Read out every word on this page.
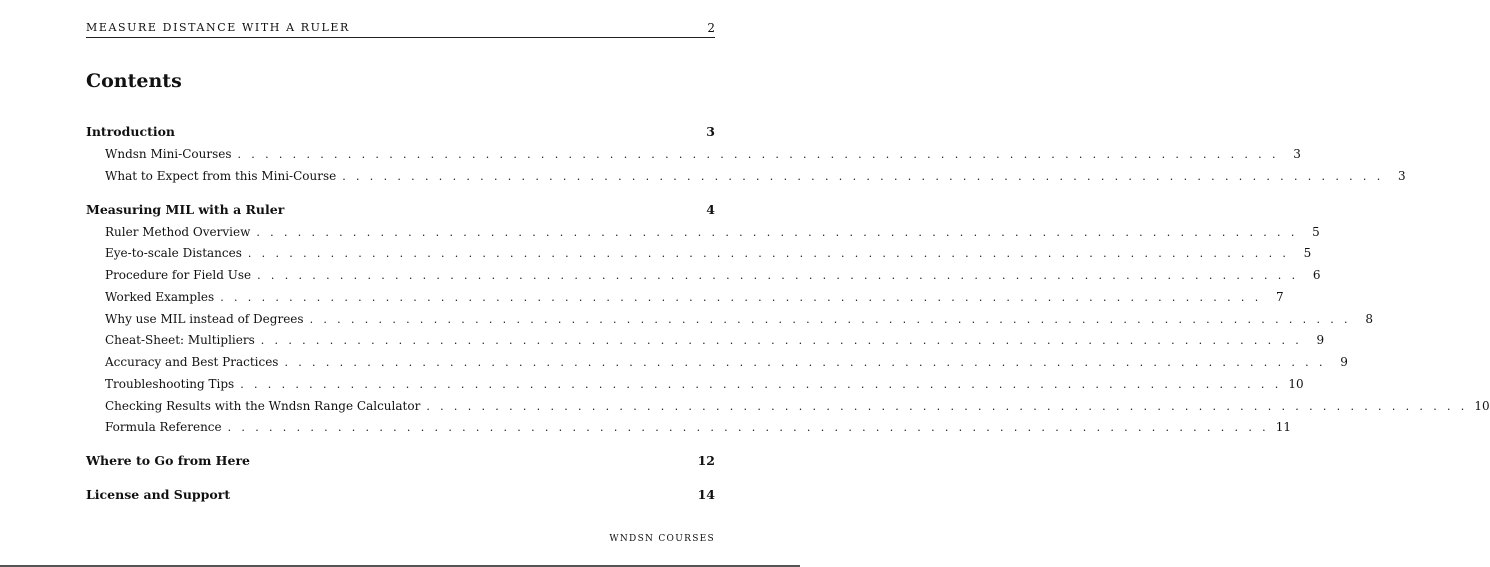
MEASURE DISTANCE WITH A RULER	2
Contents
Introduction	3
Wndsn Mini-Courses . . . . . . . . . . . . . . . . . . . . . . . . . . . . . . . . . . . . . . . . . . . . . . . . . . . . . . . . . . . . . . . . . . . . . . . . . . . .	3
What to Expect from this Mini-Course . . . . . . . . . . . . . . . . . . . . . . . . . . . . . . . . . . . . . . . . . . . . . . . . . . . . . . . . . . . . . . . . . . . . . . . . . . . .	3
Measuring MIL with a Ruler	4
Ruler Method Overview . . . . . . . . . . . . . . . . . . . . . . . . . . . . . . . . . . . . . . . . . . . . . . . . . . . . . . . . . . . . . . . . . . . . . . . . . . . .	5
Eye-to-scale Distances . . . . . . . . . . . . . . . . . . . . . . . . . . . . . . . . . . . . . . . . . . . . . . . . . . . . . . . . . . . . . . . . . . . . . . . . . . . .	5
Procedure for Field Use . . . . . . . . . . . . . . . . . . . . . . . . . . . . . . . . . . . . . . . . . . . . . . . . . . . . . . . . . . . . . . . . . . . . . . . . . . . .	6
Worked Examples . . . . . . . . . . . . . . . . . . . . . . . . . . . . . . . . . . . . . . . . . . . . . . . . . . . . . . . . . . . . . . . . . . . . . . . . . . . .	7
Why use MIL instead of Degrees . . . . . . . . . . . . . . . . . . . . . . . . . . . . . . . . . . . . . . . . . . . . . . . . . . . . . . . . . . . . . . . . . . . . . . . . . . . .	8
Cheat-Sheet: Multipliers . . . . . . . . . . . . . . . . . . . . . . . . . . . . . . . . . . . . . . . . . . . . . . . . . . . . . . . . . . . . . . . . . . . . . . . . . . . .	9
Accuracy and Best Practices . . . . . . . . . . . . . . . . . . . . . . . . . . . . . . . . . . . . . . . . . . . . . . . . . . . . . . . . . . . . . . . . . . . . . . . . . . . .	9
Troubleshooting Tips . . . . . . . . . . . . . . . . . . . . . . . . . . . . . . . . . . . . . . . . . . . . . . . . . . . . . . . . . . . . . . . . . . . . . . . . . . . . 10
Checking Results with the Wndsn Range Calculator . . . . . . . . . . . . . . . . . . . . . . . . . . . . . . . . . . . . . . . . . . . . . . . . . . . . . . . . . . . . . . . . . . . . . . . . . . . . 10
Formula Reference . . . . . . . . . . . . . . . . . . . . . . . . . . . . . . . . . . . . . . . . . . . . . . . . . . . . . . . . . . . . . . . . . . . . . . . . . . . . 11
Where to Go from Here	12
License and Support	14
WNDSN COURSES
